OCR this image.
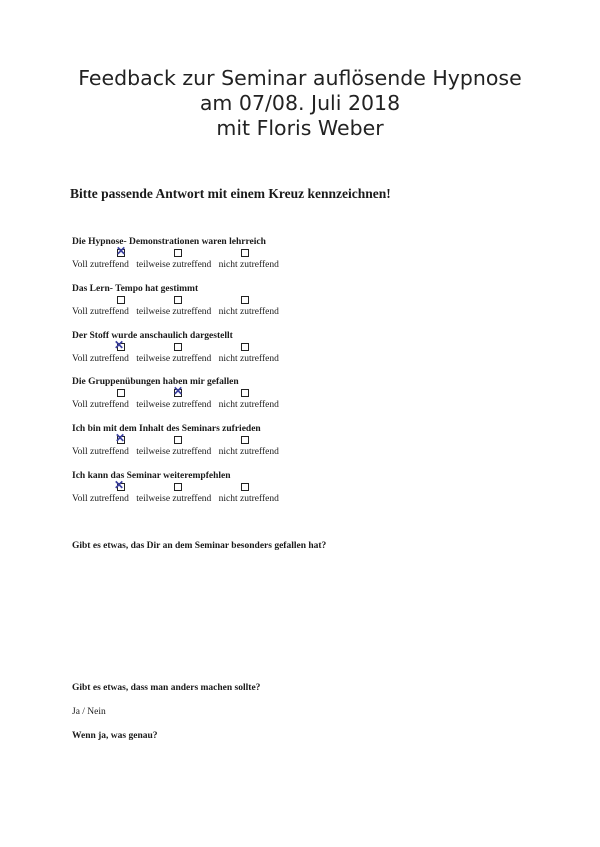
Feedback zur Seminar auflösende Hypnose
am 07/08. Juli 2018
mit Floris Weber
Bitte passende Antwort mit einem Kreuz kennzeichnen!
Die Hypnose- Demonstrationen waren lehrreich
✕
Voll zutreffend teilweise zutreffend nicht zutreffend
Das Lern- Tempo hat gestimmt
Voll zutreffend teilweise zutreffend nicht zutreffend
Der Stoff wurde anschaulich dargestellt
✕
Voll zutreffend teilweise zutreffend nicht zutreffend
Die Gruppenübungen haben mir gefallen
✕
Voll zutreffend teilweise zutreffend nicht zutreffend
Ich bin mit dem Inhalt des Seminars zufrieden
✕
Voll zutreffend teilweise zutreffend nicht zutreffend
Ich kann das Seminar weiterempfehlen
✕
Voll zutreffend teilweise zutreffend nicht zutreffend
Gibt es etwas, das Dir an dem Seminar besonders gefallen hat?
Gibt es etwas, dass man anders machen sollte?
Ja / Nein
Wenn ja, was genau?
